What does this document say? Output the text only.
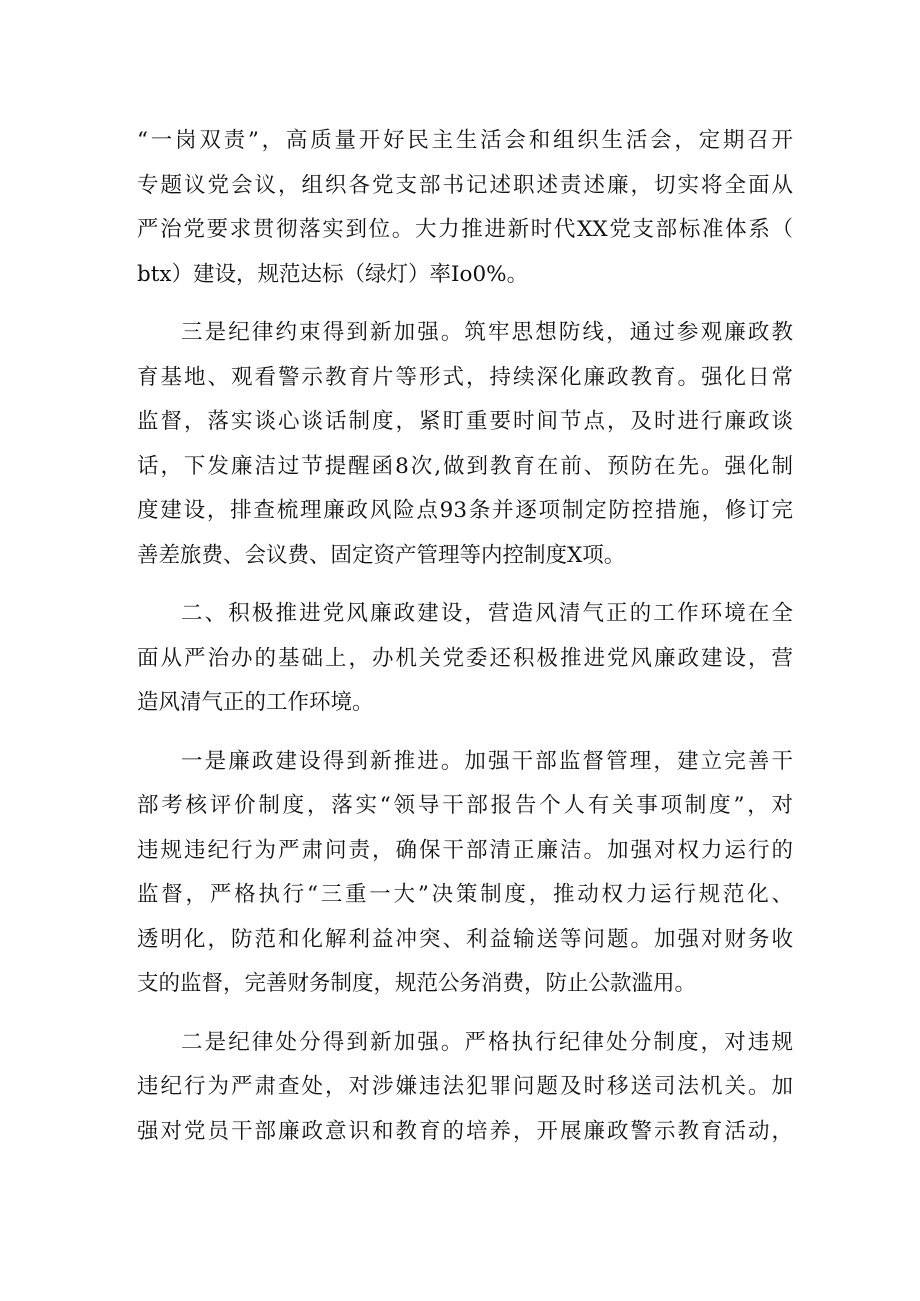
“一岗双责”，高质量开好民主生活会和组织生活会，定期召开
专题议党会议，组织各党支部书记述职述责述廉，切实将全面从
严治党要求贯彻落实到位。大力推进新时代XX党支部标准体系（
btx）建设，规范达标（绿灯）率Io0%。
三是纪律约束得到新加强。筑牢思想防线，通过参观廉政教
育基地、观看警示教育片等形式，持续深化廉政教育。强化日常
监督，落实谈心谈话制度，紧盯重要时间节点，及时进行廉政谈
话，下发廉洁过节提醒函8次,做到教育在前、预防在先。强化制
度建设，排查梳理廉政风险点93条并逐项制定防控措施，修订完
善差旅费、会议费、固定资产管理等内控制度X项。
二、积极推进党风廉政建设，营造风清气正的工作环境在全
面从严治办的基础上，办机关党委还积极推进党风廉政建设，营
造风清气正的工作环境。
一是廉政建设得到新推进。加强干部监督管理，建立完善干
部考核评价制度，落实“领导干部报告个人有关事项制度”，对
违规违纪行为严肃问责，确保干部清正廉洁。加强对权力运行的
监督，严格执行“三重一大”决策制度，推动权力运行规范化、
透明化，防范和化解利益冲突、利益输送等问题。加强对财务收
支的监督，完善财务制度，规范公务消费，防止公款滥用。
二是纪律处分得到新加强。严格执行纪律处分制度，对违规
违纪行为严肃查处，对涉嫌违法犯罪问题及时移送司法机关。加
强对党员干部廉政意识和教育的培养，开展廉政警示教育活动，
